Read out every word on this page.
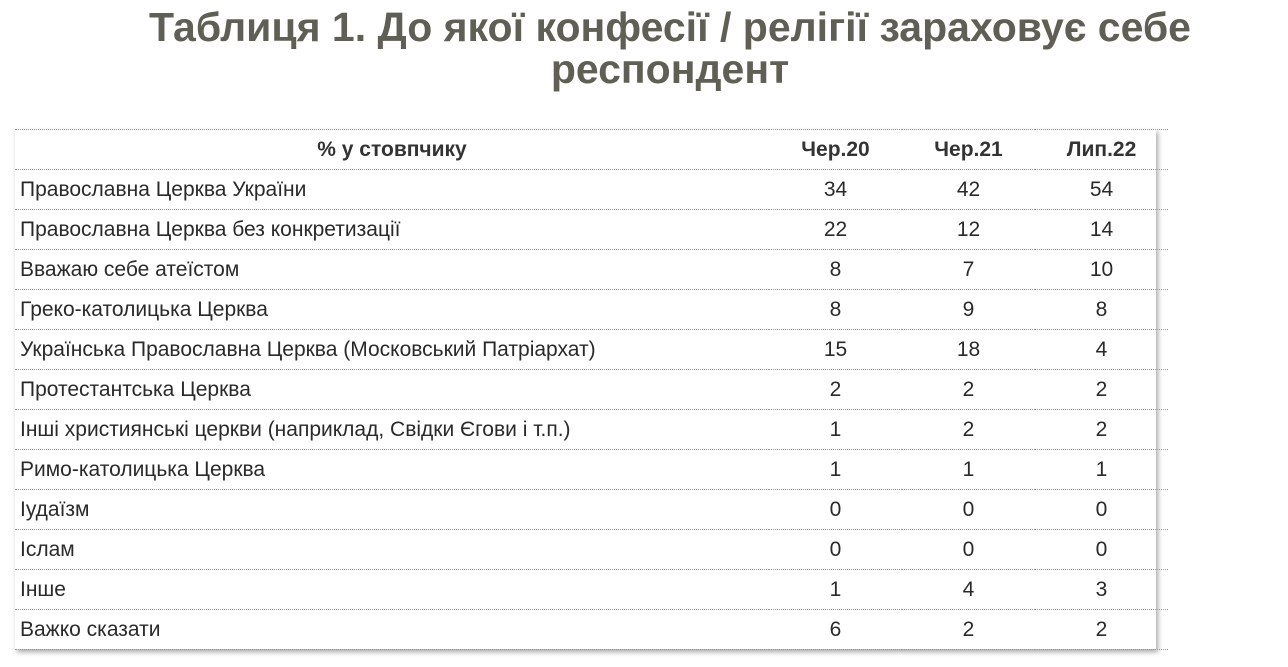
Таблиця 1. До якої конфесії / релігії зараховує себе
респондент
% у стовпчику	Чер.20	Чер.21	Лип.22
Православна Церква України	34	42	54
Православна Церква без конкретизації	22	12	14
Вважаю себе атеїстом	8	7	10
Греко-католицька Церква	8	9	8
Українська Православна Церква (Московський Патріархат)	15	18	4
Протестантська Церква	2	2	2
Інші християнські церкви (наприклад, Свідки Єгови і т.п.)	1	2	2
Римо-католицька Церква	1	1	1
Іудаїзм	0	0	0
Іслам	0	0	0
Інше	1	4	3
Важко сказати	6	2	2
